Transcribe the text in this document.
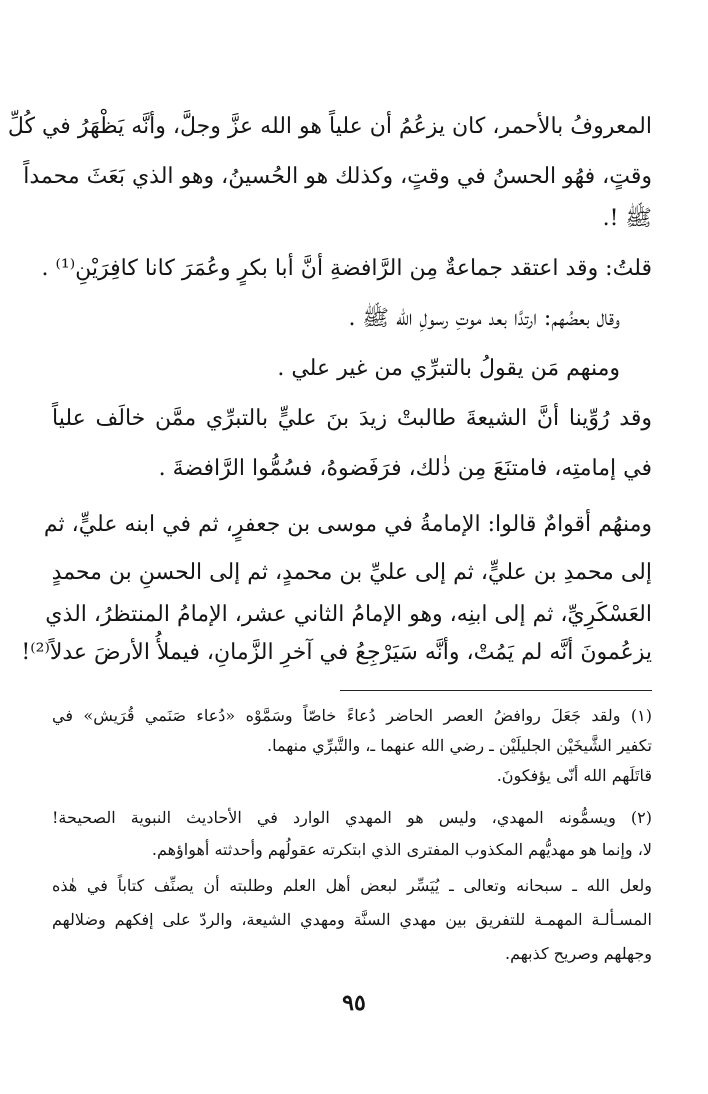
المعروفُ بالأحمر، كان يزعُمُ أن علياً هو الله عزَّ وجلَّ، وأنَّه يَظْهَرُ في كُلِّ
وقتٍ، فهُو الحسنُ في وقتٍ، وكذلك هو الحُسينُ، وهو الذي بَعَثَ محمداً
ﷺ !.
قلتُ: وقد اعتقد جماعةٌ مِن الرَّافضةِ أنَّ أبا بكرٍ وعُمَرَ كانا كافِرَيْنِ⁽¹⁾ .
وقال بعضُهم: ارتدَّا بعد موتِ رسولِ الله ﷺ .
ومنهم مَن يقولُ بالتبرِّي من غير علي .
وقد رُوِّينا أنَّ الشيعةَ طالبتْ زيدَ بنَ عليٍّ بالتبرِّي ممَّن خالَف علياً
في إمامتِه، فامتنَعَ مِن ذٰلك، فرَفَضوهُ، فسُمُّوا الرَّافضةَ .
ومنهُم أقوامٌ قالوا: الإمامةُ في موسى بن جعفرٍ، ثم في ابنه عليٍّ، ثم
إلى محمدِ بن عليٍّ، ثم إلى عليِّ بن محمدٍ، ثم إلى الحسنِ بن محمدٍ
العَسْكَرِيِّ، ثم إلى ابنِه، وهو الإمامُ الثاني عشر، الإمامُ المنتظرُ، الذي
يزعُمونَ أنَّه لم يَمُتْ، وأنَّه سَيَرْجِعُ في آخرِ الزَّمانِ، فيملأُ الأرضَ عدلاً⁽²⁾!
(١) ولقد جَعَلَ روافضُ العصر الحاضر دُعاءً خاصّاً وسَمَّوْه «دُعاء صَنَمي قُرَيش» في
تكفير الشَّيخَيْن الجليلَيْن ـ رضي الله عنهما ـ، والتَّبرِّي منهما.
قاتَلَهم الله أنّى يؤفكونَ.
(٢) ويسمُّونه المهدي، وليس هو المهدي الوارد في الأحاديث النبوية الصحيحة!
لا، وإنما هو مهديُّهم المكذوب المفترى الذي ابتكرته عقولُهم وأحدثته أهواؤهم.
ولعل الله ـ سبحانه وتعالى ـ يُيَسِّر لبعض أهل العلم وطلبته أن يصنِّف كتاباً في هٰذه
المسـألـة المهمـة للتفريق بين مهدي السنَّة ومهدي الشيعة، والردّ على إفكهم وضلالهم
وجهلهم وصريح كذبهم.
٩٥
